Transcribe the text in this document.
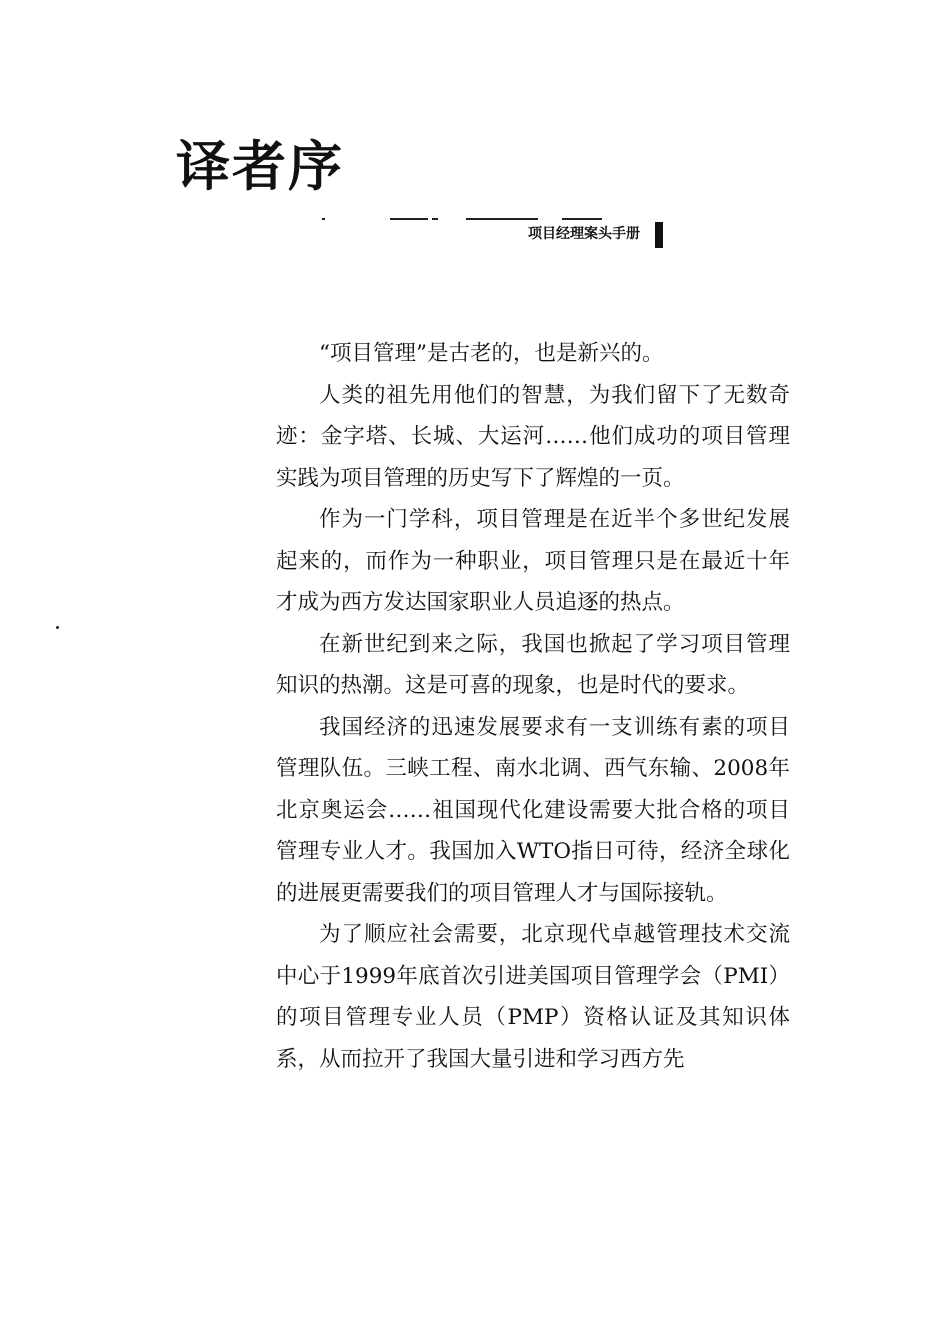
译者序
项目经理案头手册

“项目管理”是古老的，也是新兴的。

人类的祖先用他们的智慧，为我们留下了无数奇迹：金字塔、长城、大运河……他们成功的项目管理实践为项目管理的历史写下了辉煌的一页。

作为一门学科，项目管理是在近半个多世纪发展起来的，而作为一种职业，项目管理只是在最近十年才成为西方发达国家职业人员追逐的热点。

在新世纪到来之际，我国也掀起了学习项目管理知识的热潮。这是可喜的现象，也是时代的要求。

我国经济的迅速发展要求有一支训练有素的项目管理队伍。三峡工程、南水北调、西气东输、2008年北京奥运会……祖国现代化建设需要大批合格的项目管理专业人才。我国加入WTO指日可待，经济全球化的进展更需要我们的项目管理人才与国际接轨。

为了顺应社会需要，北京现代卓越管理技术交流中心于1999年底首次引进美国项目管理学会（PMI）的项目管理专业人员（PMP）资格认证及其知识体系，从而拉开了我国大量引进和学习西方先
